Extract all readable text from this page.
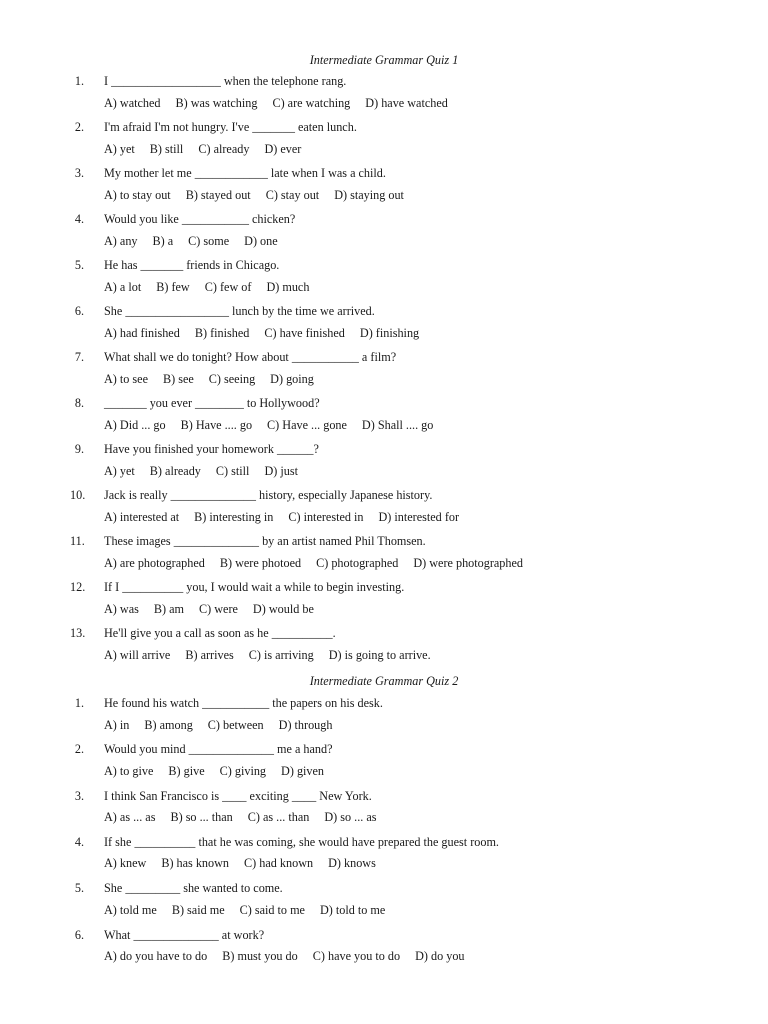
Intermediate Grammar Quiz 1
1. I __________________ when the telephone rang.
A) watched B) was watching C) are watching D) have watched
2. I'm afraid I'm not hungry. I've _______ eaten lunch.
A) yet B) still C) already D) ever
3. My mother let me ____________ late when I was a child.
A) to stay out B) stayed out C) stay out D) staying out
4. Would you like ___________ chicken?
A) any B) a C) some D) one
5. He has _______ friends in Chicago.
A) a lot B) few C) few of D) much
6. She _________________ lunch by the time we arrived.
A) had finished B) finished C) have finished D) finishing
7. What shall we do tonight? How about ___________ a film?
A) to see B) see C) seeing D) going
8. _______ you ever ________ to Hollywood?
A) Did ... go B) Have .... go C) Have ... gone D) Shall .... go
9. Have you finished your homework ______?
A) yet B) already C) still D) just
10. Jack is really ______________ history, especially Japanese history.
A) interested at B) interesting in C) interested in D) interested for
11. These images ______________ by an artist named Phil Thomsen.
A) are photographed B) were photoed C) photographed D) were photographed
12. If I __________ you, I would wait a while to begin investing.
A) was B) am C) were D) would be
13. He'll give you a call as soon as he __________.
A) will arrive B) arrives C) is arriving D) is going to arrive.
Intermediate Grammar Quiz 2
1. He found his watch ___________ the papers on his desk.
A) in B) among C) between D) through
2. Would you mind ______________ me a hand?
A) to give B) give C) giving D) given
3. I think San Francisco is ____ exciting ____ New York.
A) as ... as B) so ... than C) as ... than D) so ... as
4. If she __________ that he was coming, she would have prepared the guest room.
A) knew B) has known C) had known D) knows
5. She _________ she wanted to come.
A) told me B) said me C) said to me D) told to me
6. What ______________ at work?
A) do you have to do B) must you do C) have you to do D) do you
